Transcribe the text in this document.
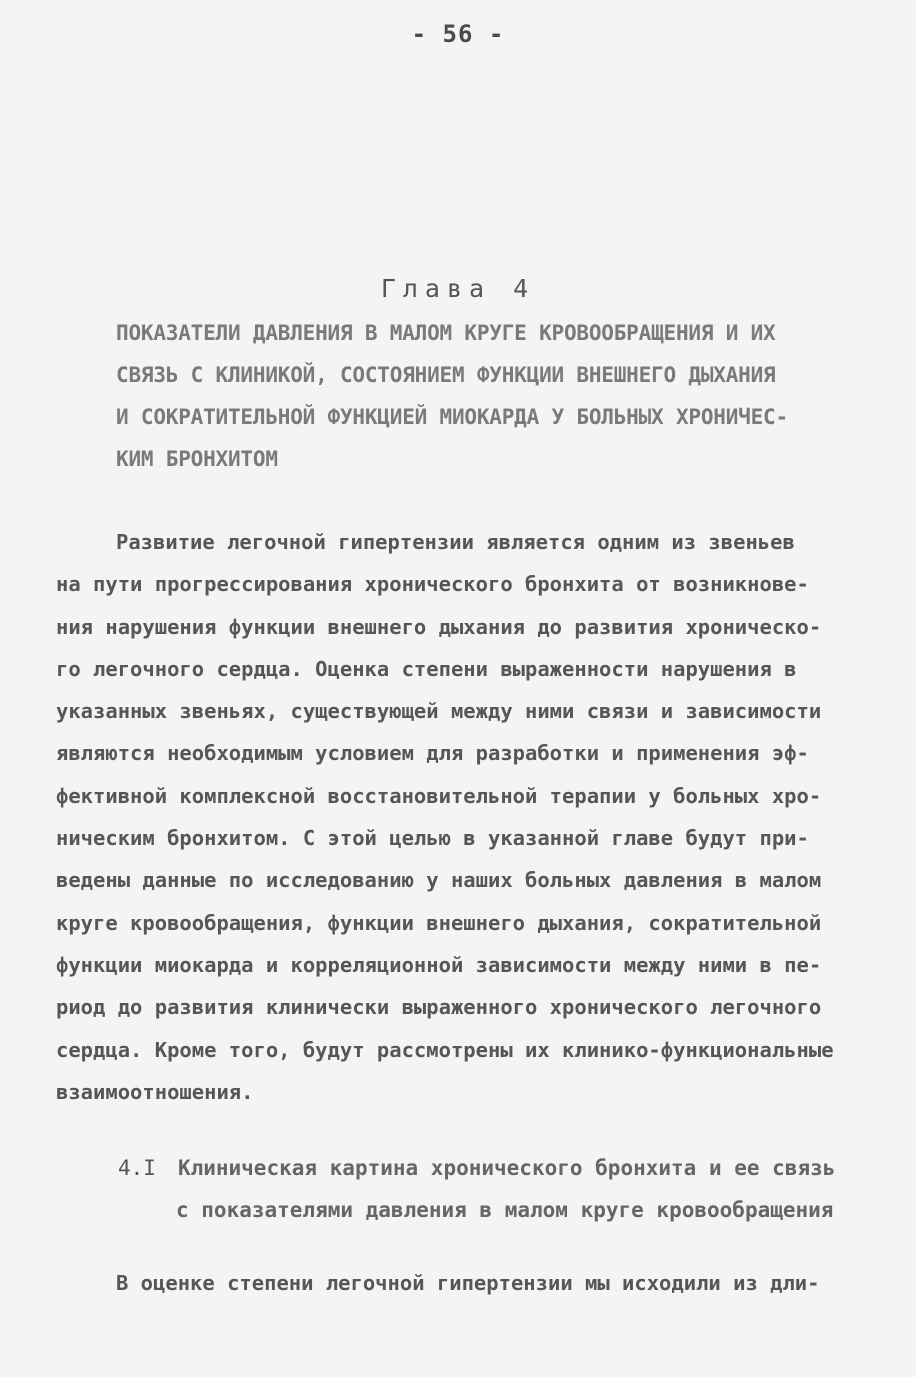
- 56 -
Глава 4
ПОКАЗАТЕЛИ ДАВЛЕНИЯ В МАЛОМ КРУГЕ КРОВООБРАЩЕНИЯ И ИХ
СВЯЗЬ С КЛИНИКОЙ, СОСТОЯНИЕМ ФУНКЦИИ ВНЕШНЕГО ДЫХАНИЯ
И СОКРАТИТЕЛЬНОЙ ФУНКЦИЕЙ МИОКАРДА У БОЛЬНЫХ ХРОНИЧЕС-
КИМ БРОНХИТОМ
Развитие легочной гипертензии является одним из звеньев
на пути прогрессирования хронического бронхита от возникнове-
ния нарушения функции внешнего дыхания до развития хроническо-
го легочного сердца. Оценка степени выраженности нарушения в
указанных звеньях, существующей между ними связи и зависимости
являются необходимым условием для разработки и применения эф-
фективной комплексной восстановительной терапии у больных хро-
ническим бронхитом. С этой целью в указанной главе будут при-
ведены данные по исследованию у наших больных давления в малом
круге кровообращения, функции внешнего дыхания, сократительной
функции миокарда и корреляционной зависимости между ними в пе-
риод до развития клинически выраженного хронического легочного
сердца. Кроме того, будут рассмотрены их клинико-функциональные
взаимоотношения.
4.I Клиническая картина хронического бронхита и ее связь
с показателями давления в малом круге кровообращения
В оценке степени легочной гипертензии мы исходили из дли-
